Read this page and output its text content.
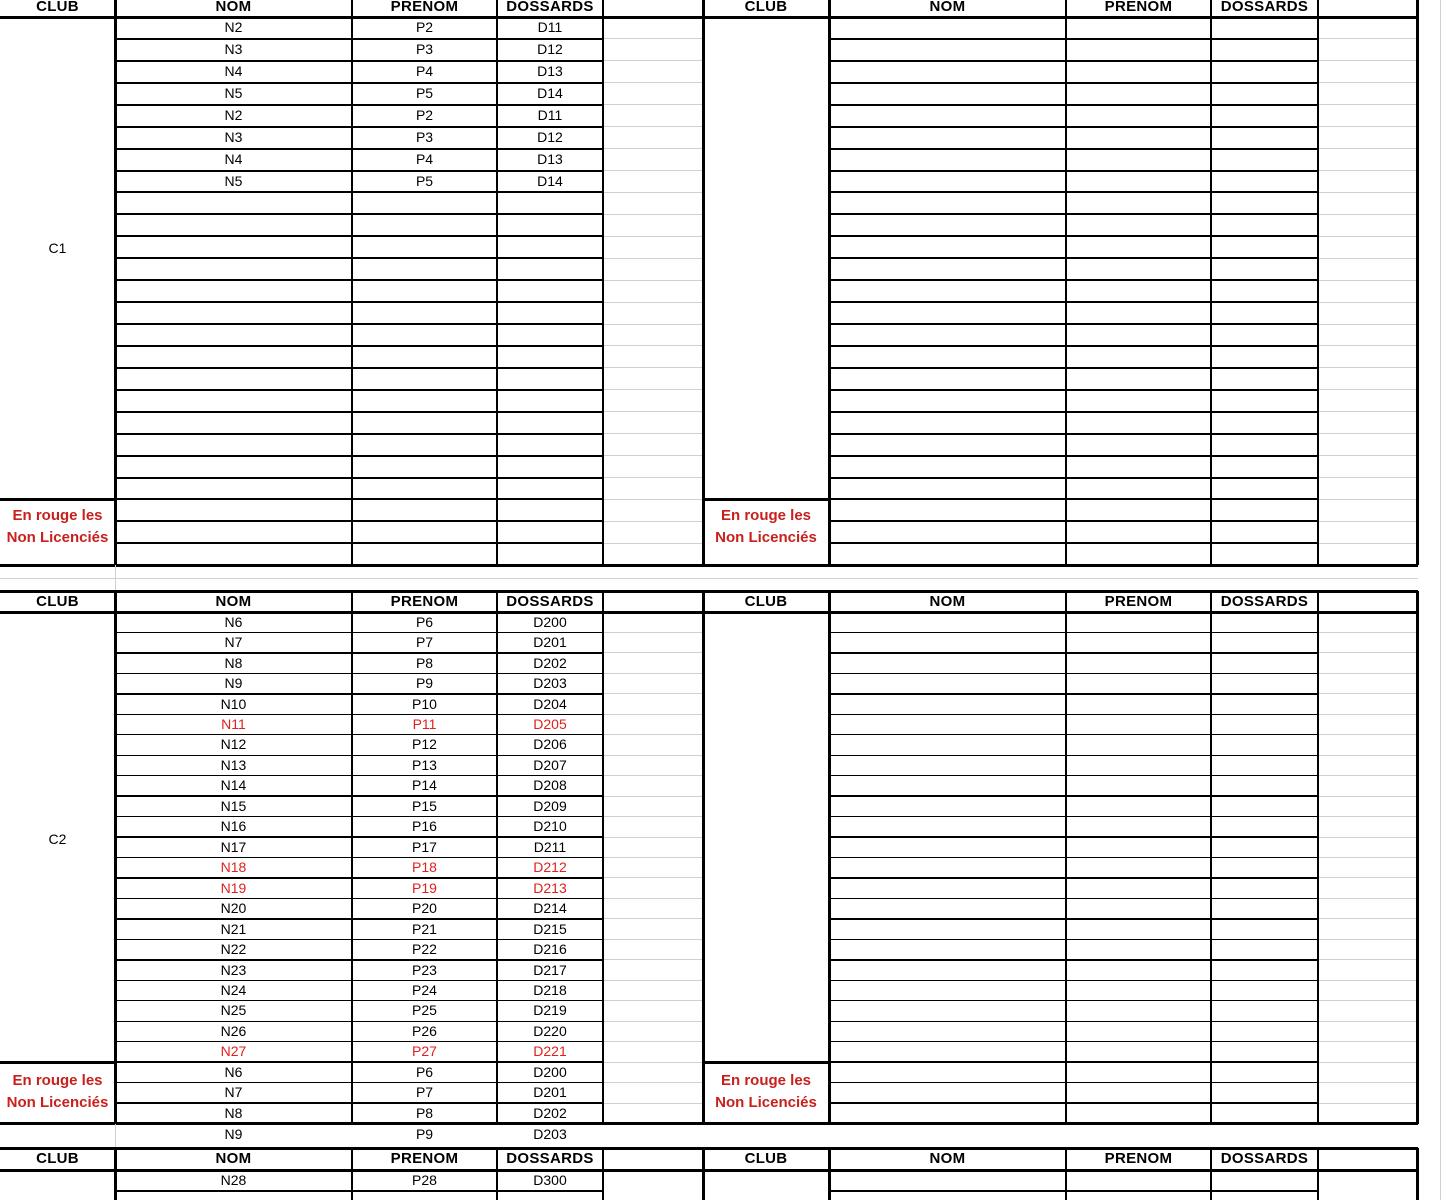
CLUB	NOM	PRENOM	DOSSARDS	CLUB	NOM	PRENOM	DOSSARDS
C1
N2	P2	D11
N3	P3	D12
N4	P4	D13
N5	P5	D14
N2	P2	D11
N3	P3	D12
N4	P4	D13
N5	P5	D14
En rouge les
Non Licenciés
En rouge les
Non Licenciés
CLUB	NOM	PRENOM	DOSSARDS	CLUB	NOM	PRENOM	DOSSARDS
C2
N6	P6	D200
N7	P7	D201
N8	P8	D202
N9	P9	D203
N10	P10	D204
N11	P11	D205
N12	P12	D206
N13	P13	D207
N14	P14	D208
N15	P15	D209
N16	P16	D210
N17	P17	D211
N18	P18	D212
N19	P19	D213
N20	P20	D214
N21	P21	D215
N22	P22	D216
N23	P23	D217
N24	P24	D218
N25	P25	D219
N26	P26	D220
N27	P27	D221
N6	P6	D200
N7	P7	D201
N8	P8	D202
N9	P9	D203
En rouge les
Non Licenciés
En rouge les
Non Licenciés
CLUB	NOM	PRENOM	DOSSARDS	CLUB	NOM	PRENOM	DOSSARDS
N28	P28	D300
